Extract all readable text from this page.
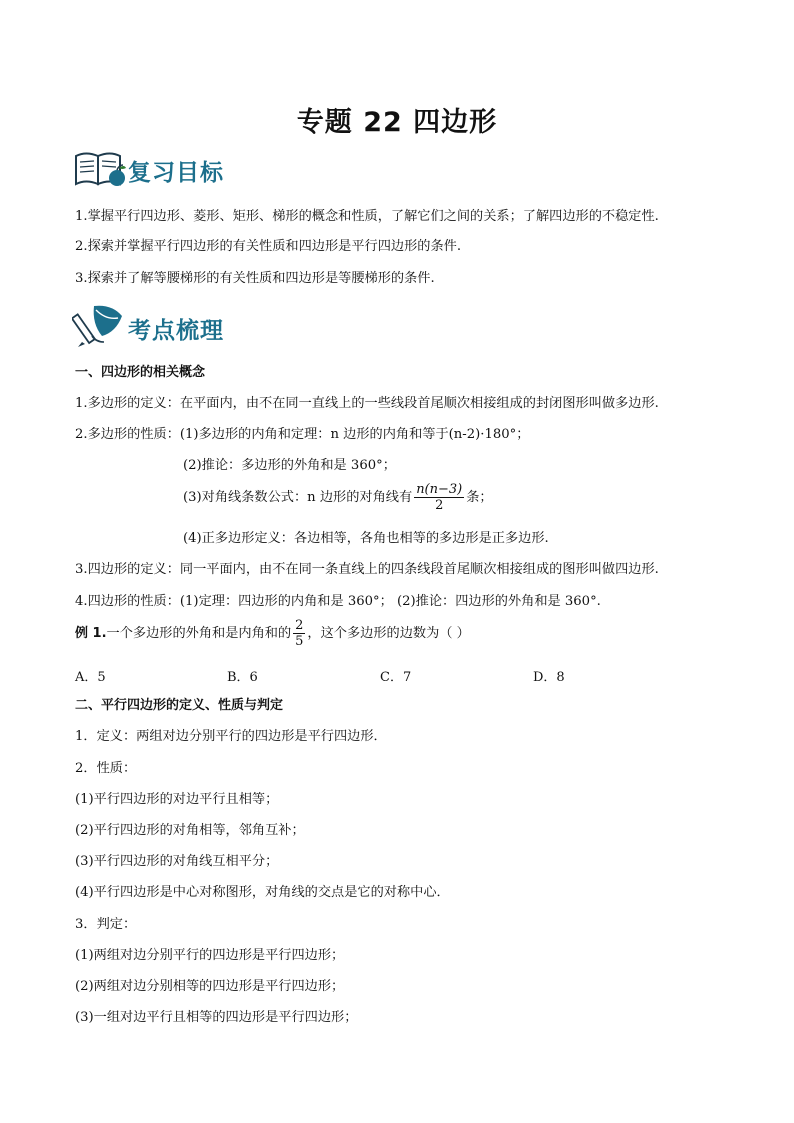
专题 22 四边形
复习目标
1.掌握平行四边形、菱形、矩形、梯形的概念和性质，了解它们之间的关系；了解四边形的不稳定性.
2.探索并掌握平行四边形的有关性质和四边形是平行四边形的条件.
3.探索并了解等腰梯形的有关性质和四边形是等腰梯形的条件.
考点梳理
一、四边形的相关概念
1.多边形的定义：在平面内，由不在同一直线上的一些线段首尾顺次相接组成的封闭图形叫做多边形.
2.多边形的性质：(1)多边形的内角和定理：n 边形的内角和等于(n-2)·180°；
(2)推论：多边形的外角和是 360°；
(3)对角线条数公式：n 边形的对角线有 $\frac{n(n-3)}{2}$ 条；
(4)正多边形定义：各边相等，各角也相等的多边形是正多边形.
3.四边形的定义：同一平面内，由不在同一条直线上的四条线段首尾顺次相接组成的图形叫做四边形.
4.四边形的性质：(1)定理：四边形的内角和是 360°； (2)推论：四边形的外角和是 360°.
例 1.一个多边形的外角和是内角和的 $\frac{2}{5}$ ，这个多边形的边数为（ ）
A．5	B．6	C．7	D．8
二、平行四边形的定义、性质与判定
1．定义：两组对边分别平行的四边形是平行四边形．
2．性质：
(1)平行四边形的对边平行且相等；
(2)平行四边形的对角相等，邻角互补；
(3)平行四边形的对角线互相平分；
(4)平行四边形是中心对称图形，对角线的交点是它的对称中心．
3．判定：
(1)两组对边分别平行的四边形是平行四边形；
(2)两组对边分别相等的四边形是平行四边形；
(3)一组对边平行且相等的四边形是平行四边形；
